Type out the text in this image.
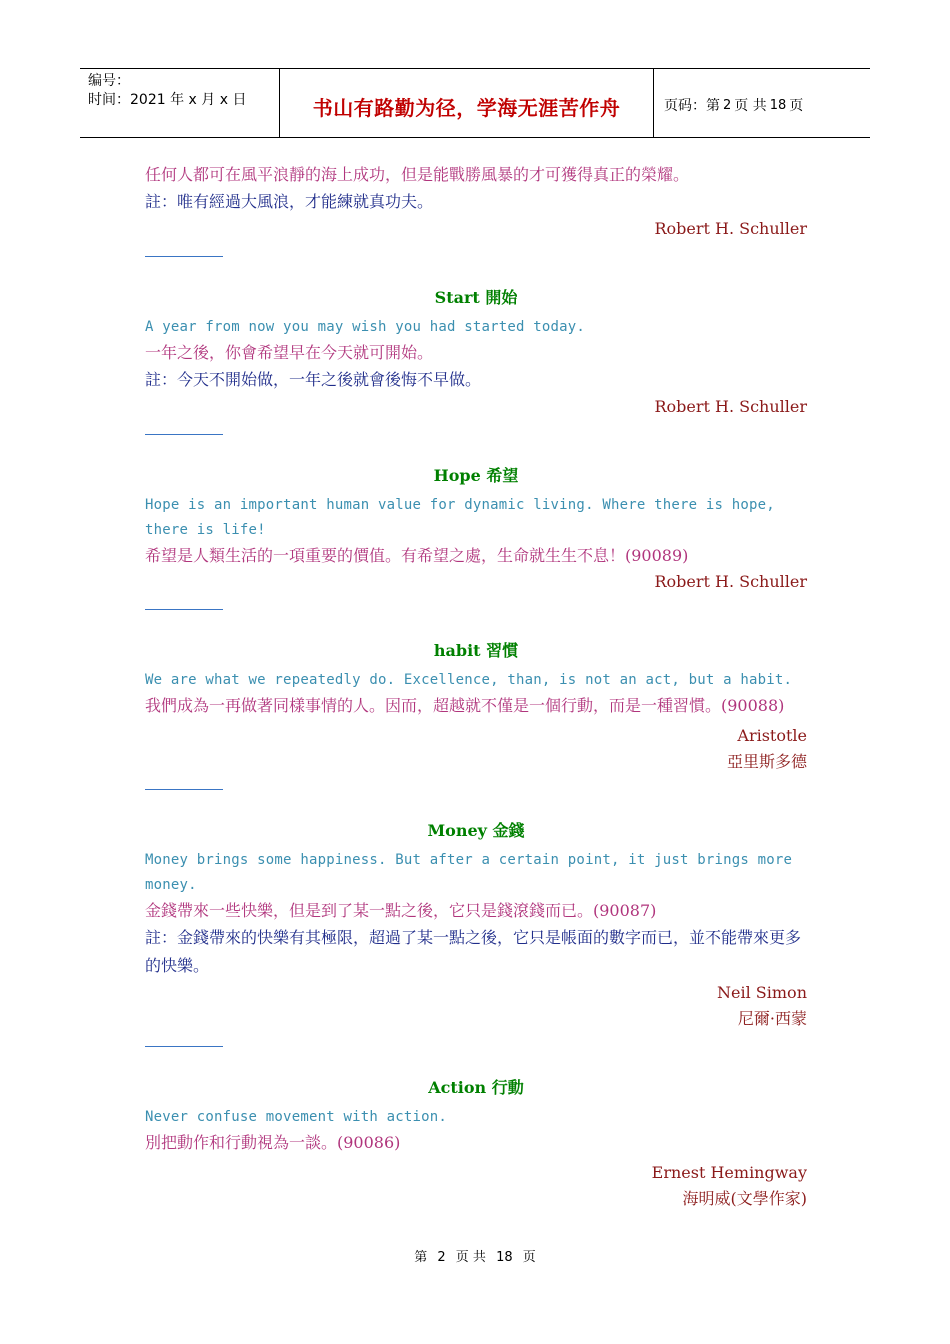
编号：
时间：2021 年 x 月 x 日	书山有路勤为径，学海无涯苦作舟	页码：第 2 页 共 18 页
任何人都可在風平浪靜的海上成功，但是能戰勝風暴的才可獲得真正的榮耀。
註：唯有經過大風浪，才能練就真功夫。
Robert H. Schuller
Start 開始
A year from now you may wish you had started today.
一年之後，你會希望早在今天就可開始。
註：今天不開始做，一年之後就會後悔不早做。
Robert H. Schuller
Hope 希望
Hope is an important human value for dynamic living. Where there is hope, there is life!
希望是人類生活的一項重要的價值。有希望之處，生命就生生不息！(90089)
Robert H. Schuller
habit 習慣
We are what we repeatedly do. Excellence, than, is not an act, but a habit.
我們成為一再做著同樣事情的人。因而，超越就不僅是一個行動，而是一種習慣。(90088)
Aristotle
亞里斯多德
Money 金錢
Money brings some happiness. But after a certain point, it just brings more money.
金錢帶來一些快樂，但是到了某一點之後，它只是錢滾錢而已。(90087)
註：金錢帶來的快樂有其極限，超過了某一點之後，它只是帳面的數字而已，並不能帶來更多的快樂。
Neil Simon
尼爾·西蒙
Action 行動
Never confuse movement with action.
別把動作和行動視為一談。(90086)
Ernest Hemingway
海明威(文學作家)
第 2 页 共 18 页
